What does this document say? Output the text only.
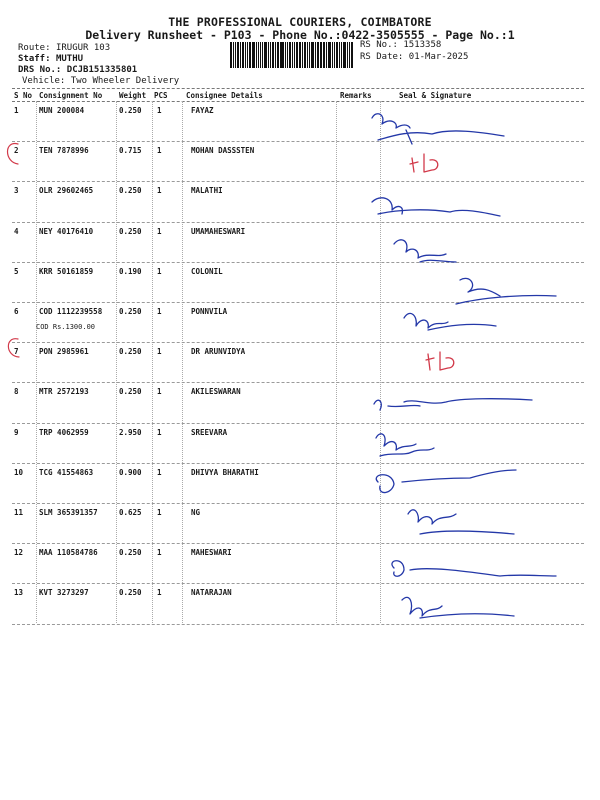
THE PROFESSIONAL COURIERS, COIMBATORE
Delivery Runsheet - P103 - Phone No.:0422-3505555 - Page No.:1
Route: IRUGUR 103
Staff: MUTHU
DRS No.: DCJB151335801
Vehicle: Two Wheeler Delivery
RS No.: 1513358
RS Date: 01-Mar-2025
S No Consignment No Weight PCS Consignee Details	Remarks	Seal & Signature
1	MUN 200084	0.250 1	FAYAZ
2	TEN 7878996	0.715 1	MOHAN DASSSTEN
3	OLR 29602465	0.250 1	MALATHI
4	NEY 40176410	0.250 1	UMAMAHESWARI
5	KRR 50161859	0.190 1	COLONIL
6	COD 1112239558 0.250 1	PONNVILA
COD Rs.1300.00
7	PON 2985961	0.250 1	DR ARUNVIDYA
8	MTR 2572193	0.250 1	AKILESWARAN
9	TRP 4062959	2.950 1	SREEVARA
10 TCG 41554863	0.900 1	DHIVYA BHARATHI
11 SLM 365391357	0.625 1	NG
12 MAA 110584786	0.250 1	MAHESWARI
13 KVT 3273297	0.250 1	NATARAJAN
